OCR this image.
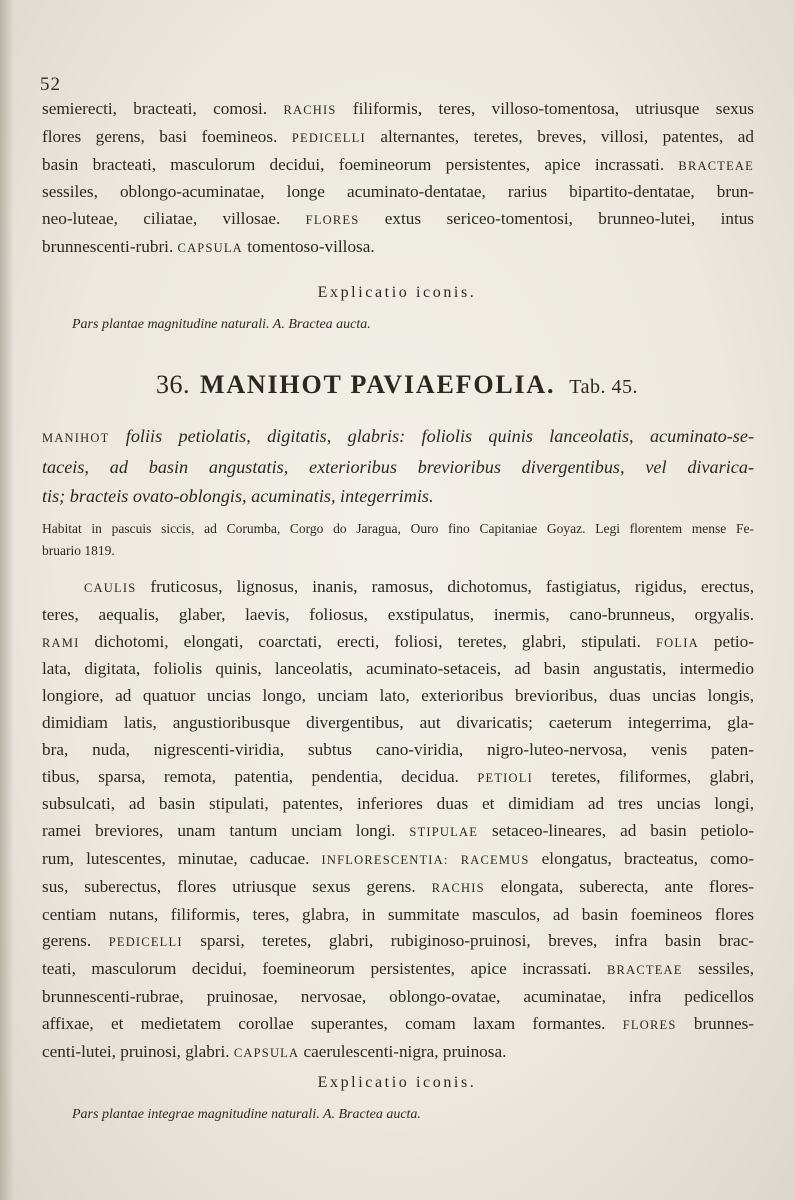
52

semierecti, bracteati, comosi. RACHIS filiformis, teres, villoso-tomentosa, utriusque sexus
flores gerens, basi foemineos. PEDICELLI alternantes, teretes, breves, villosi, patentes, ad
basin bracteati, masculorum decidui, foemineorum persistentes, apice incrassati. BRACTEAE
sessiles, oblongo-acuminatae, longe acuminato-dentatae, rarius bipartito-dentatae, brun-
neo-luteae, ciliatae, villosae. FLORES extus sericeo-tomentosi, brunneo-lutei, intus
brunnescenti-rubri. CAPSULA tomentoso-villosa.

Explicatio iconis.
Pars plantae magnitudine naturali. A. Bractea aucta.
36. MANIHOT PAVIAEFOLIA. Tab. 45.
MANIHOT foliis petiolatis, digitatis, glabris: foliolis quinis lanceolatis, acuminato-se-
taceis, ad basin angustatis, exterioribus brevioribus divergentibus, vel divarica-
tis; bracteis ovato-oblongis, acuminatis, integerrimis.
Habitat in pascuis siccis, ad Corumba, Corgo do Jaragua, Ouro fino Capitaniae Goyaz. Legi florentem mense Fe-
bruario 1819.

CAULIS fruticosus, lignosus, inanis, ramosus, dichotomus, fastigiatus, rigidus, erectus,
teres, aequalis, glaber, laevis, foliosus, exstipulatus, inermis, cano-brunneus, orgyalis.
RAMI dichotomi, elongati, coarctati, erecti, foliosi, teretes, glabri, stipulati. FOLIA petio-
lata, digitata, foliolis quinis, lanceolatis, acuminato-setaceis, ad basin angustatis, intermedio
longiore, ad quatuor uncias longo, unciam lato, exterioribus brevioribus, duas uncias longis,
dimidiam latis, angustioribusque divergentibus, aut divaricatis; caeterum integerrima, gla-
bra, nuda, nigrescenti-viridia, subtus cano-viridia, nigro-luteo-nervosa, venis paten-
tibus, sparsa, remota, patentia, pendentia, decidua. PETIOLI teretes, filiformes, glabri,
subsulcati, ad basin stipulati, patentes, inferiores duas et dimidiam ad tres uncias longi,
ramei breviores, unam tantum unciam longi. STIPULAE setaceo-lineares, ad basin petiolo-
rum, lutescentes, minutae, caducae. INFLORESCENTIA: RACEMUS elongatus, bracteatus, como-
sus, suberectus, flores utriusque sexus gerens. RACHIS elongata, suberecta, ante flores-
centiam nutans, filiformis, teres, glabra, in summitate masculos, ad basin foemineos flores
gerens. PEDICELLI sparsi, teretes, glabri, rubiginoso-pruinosi, breves, infra basin brac-
teati, masculorum decidui, foemineorum persistentes, apice incrassati. BRACTEAE sessiles,
brunnescenti-rubrae, pruinosae, nervosae, oblongo-ovatae, acuminatae, infra pedicellos
affixae, et medietatem corollae superantes, comam laxam formantes. FLORES brunnes-
centi-lutei, pruinosi, glabri. CAPSULA caerulescenti-nigra, pruinosa.

Explicatio iconis.
Pars plantae integrae magnitudine naturali. A. Bractea aucta.
